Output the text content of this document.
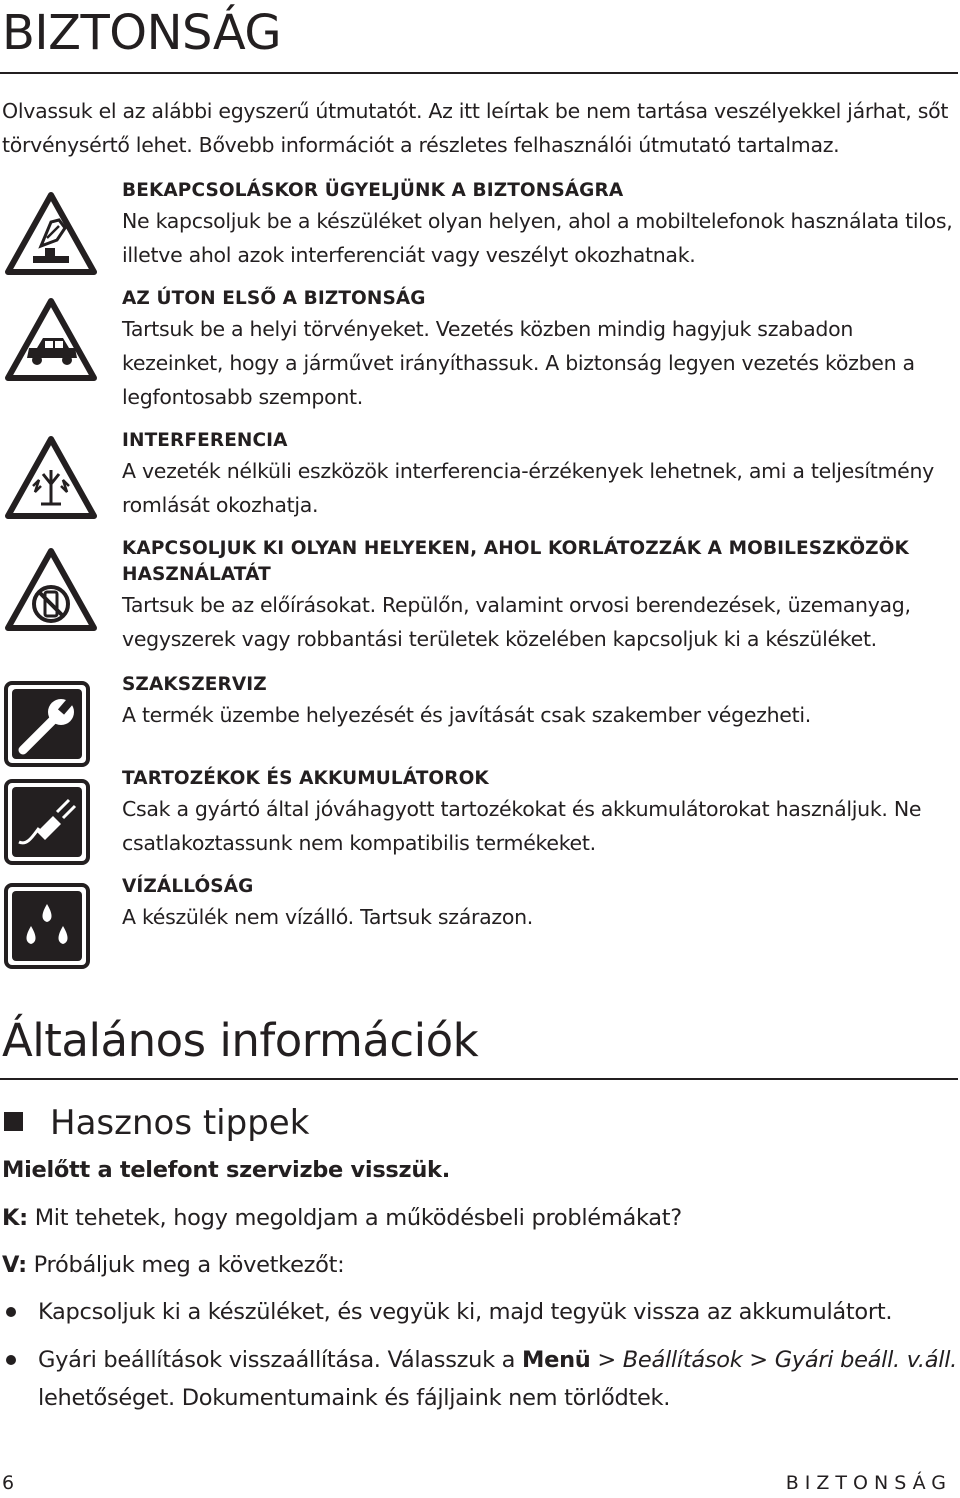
BIZTONSÁG
Olvassuk el az alábbi egyszerű útmutatót. Az itt leírtak be nem tartása veszélyekkel járhat, sőt törvénysértő lehet. Bővebb információt a részletes felhasználói útmutató tartalmaz.
BEKAPCSOLÁSKOR ÜGYELJÜNK A BIZTONSÁGRA
Ne kapcsoljuk be a készüléket olyan helyen, ahol a mobiltelefonok használata tilos, illetve ahol azok interferenciát vagy veszélyt okozhatnak.
AZ ÚTON ELSŐ A BIZTONSÁG
Tartsuk be a helyi törvényeket. Vezetés közben mindig hagyjuk szabadon kezeinket, hogy a járművet irányíthassuk. A biztonság legyen vezetés közben a legfontosabb szempont.
INTERFERENCIA
A vezeték nélküli eszközök interferencia-érzékenyek lehetnek, ami a teljesítmény romlását okozhatja.
KAPCSOLJUK KI OLYAN HELYEKEN, AHOL KORLÁTOZZÁK A MOBILESZKÖZÖK HASZNÁLATÁT
Tartsuk be az előírásokat. Repülőn, valamint orvosi berendezések, üzemanyag, vegyszerek vagy robbantási területek közelében kapcsoljuk ki a készüléket.
SZAKSZERVIZ
A termék üzembe helyezését és javítását csak szakember végezheti.
TARTOZÉKOK ÉS AKKUMULÁTOROK
Csak a gyártó által jóváhagyott tartozékokat és akkumulátorokat használjuk. Ne csatlakoztassunk nem kompatibilis termékeket.
VÍZÁLLÓSÁG
A készülék nem vízálló. Tartsuk szárazon.
Általános információk
Hasznos tippek
Mielőtt a telefont szervizbe visszük.
K: Mit tehetek, hogy megoldjam a működésbeli problémákat?
V: Próbáljuk meg a következőt:
Kapcsoljuk ki a készüléket, és vegyük ki, majd tegyük vissza az akkumulátort.
Gyári beállítások visszaállítása. Válasszuk a Menü > Beállítások > Gyári beáll. v.áll. lehetőséget. Dokumentumaink és fájljaink nem törlődtek.
6	BIZTONSÁG
